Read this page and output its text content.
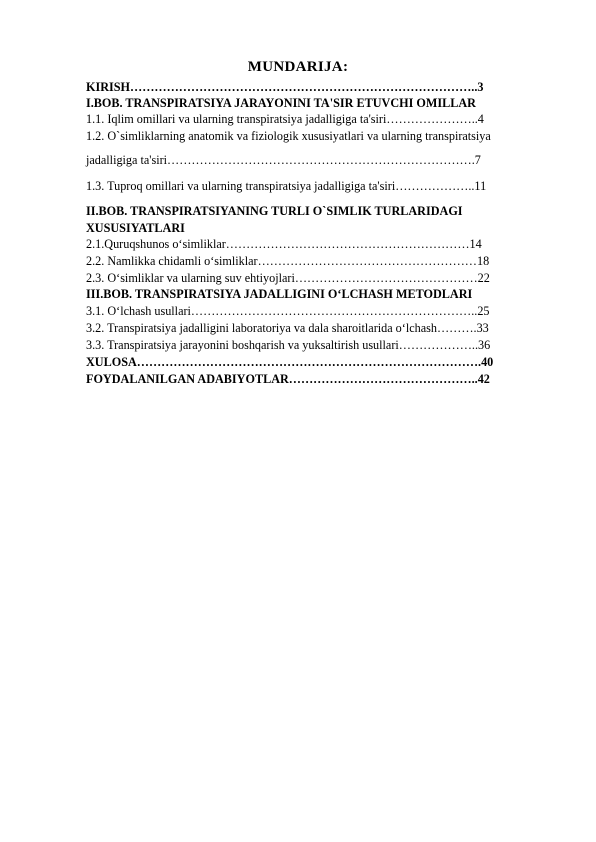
MUNDARIJA:
KIRISH…………………………………………………………………………..3
I.BOB. TRANSPIRATSIYA JARAYONINI TA'SIR ETUVCHI OMILLAR
1.1. Iqlim omillari va ularning transpiratsiya jadalligiga ta'siri…………………..4
1.2. O`simliklarning anatomik va fiziologik xususiyatlari va ularning transpiratsiya
jadalligiga ta'siri………………………………………………………………….7
1.3. Tuproq omillari va ularning transpiratsiya jadalligiga ta'siri………………..11
II.BOB. TRANSPIRATSIYANING TURLI O`SIMLIK TURLARIDAGI
XUSUSIYATLARI
2.1.Quruqshunos o‘simliklar……………………………………………………14
2.2. Namlikka chidamli o‘simliklar………………………………………………18
2.3. O‘simliklar va ularning suv ehtiyojlari………………………………………22
III.BOB. TRANSPIRATSIYA JADALLIGINI O‘LCHASH METODLARI
3.1. O‘lchash usullari……………………………………………………………..25
3.2. Transpiratsiya jadalligini laboratoriya va dala sharoitlarida o‘lchash……….33
3.3. Transpiratsiya jarayonini boshqarish va yuksaltirish usullari………………..36
XULOSA………………………………………………………………………….40
FOYDALANILGAN ADABIYOTLAR………………………………………..42
